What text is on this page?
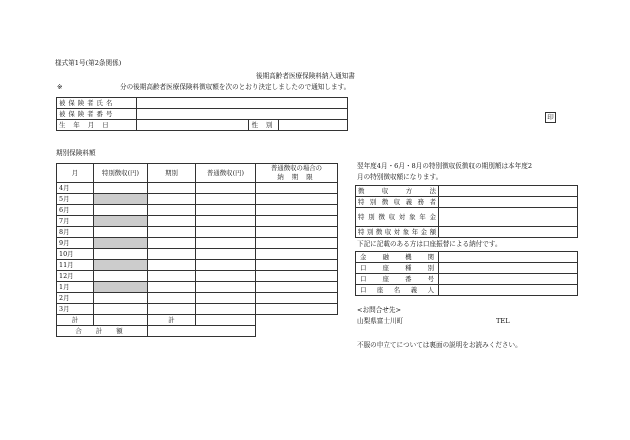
様式第1号(第2条関係)
後期高齢者医療保険料納入通知書
※	分の後期高齢者医療保険料徴収額を次のとおり決定しましたので通知します。
被保険者氏名			
被保険者番号			
生 年 月 日		性 別	
印
期別保険料額
月	特別徴収(円)	期別	普通徴収(円)	普通徴収の場合の
納 期 限
4月				
5月				
6月				
7月				
8月				
9月				
10月				
11月				
12月				
1月				
2月				
3月				
計		計		
合 計 額				
翌年度4月・6月・8月の特別徴収仮徴収の期別額は本年度2
月の特別徴収額になります。
徴収方法	
特別徴収義務者	
特別徴収対象年金	
特別徴収対象年金額	
下記に記載のある方は口座振替による納付です。
金融機関	
口座種別	
口座番号	
口座名義人	
<お問合せ先>
山梨県富士川町	TEL
不服の申立てについては裏面の説明をお読みください。
